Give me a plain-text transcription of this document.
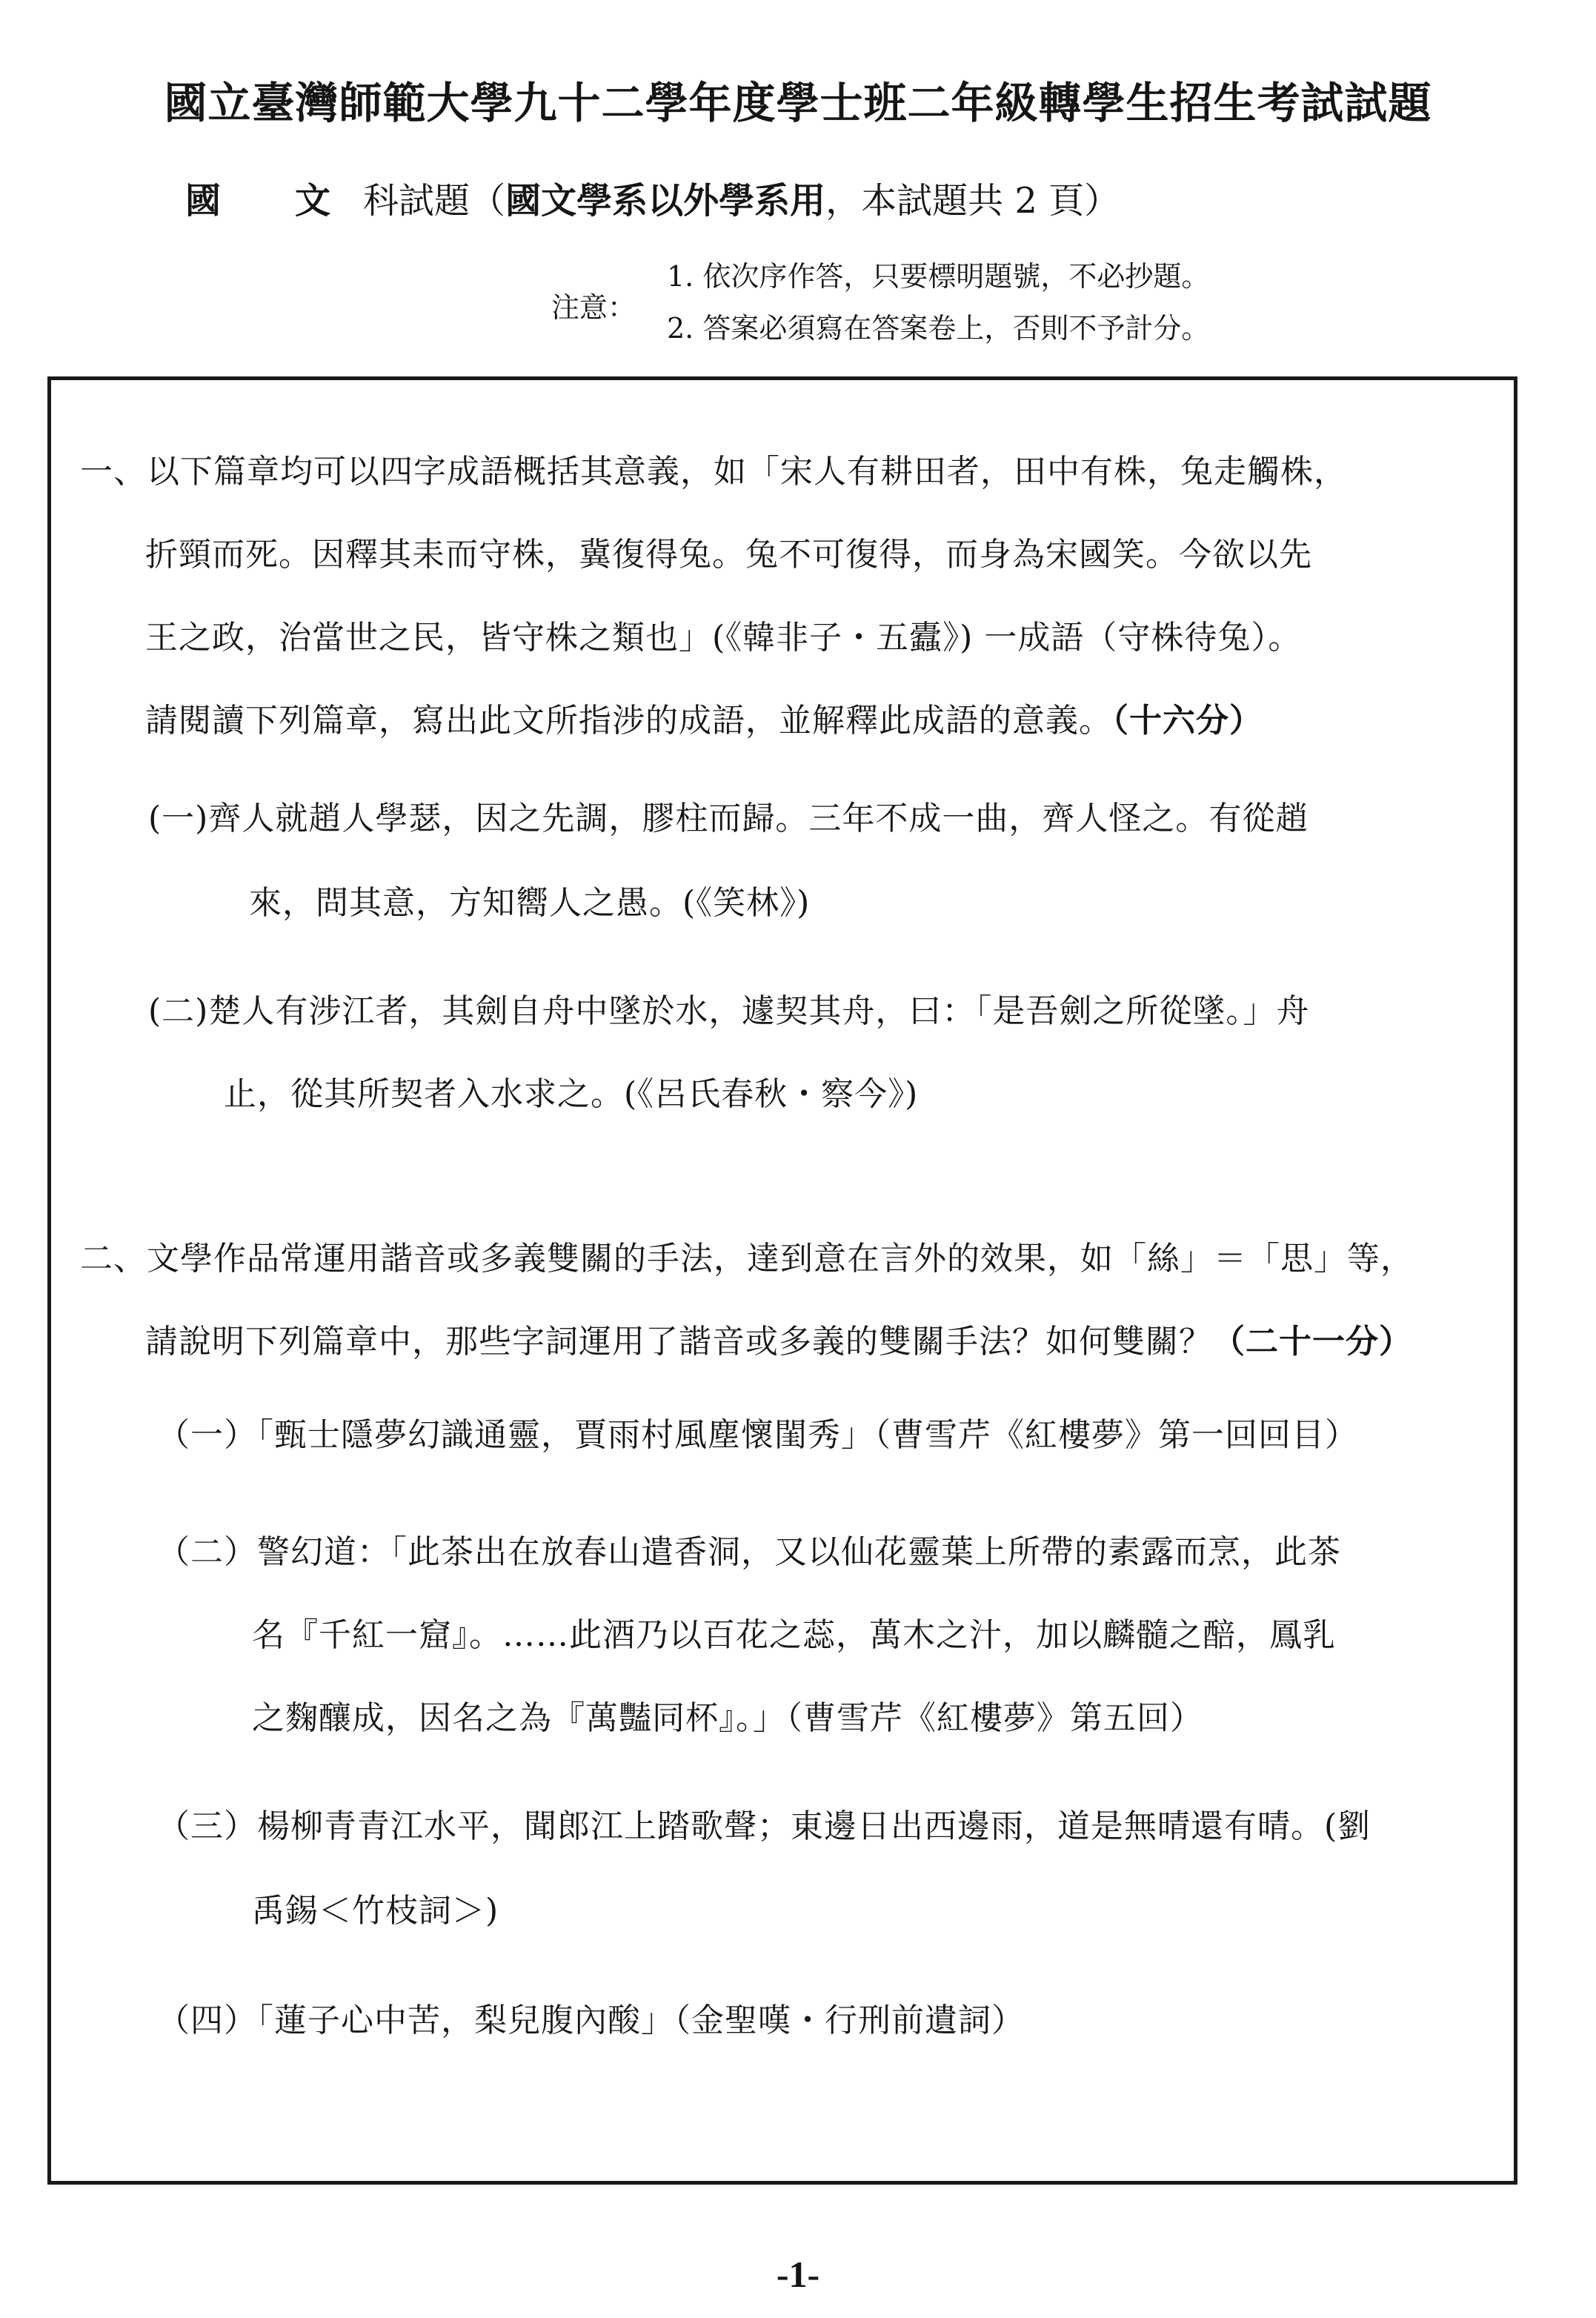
國立臺灣師範大學九十二學年度學士班二年級轉學生招生考試試題
國 文 科試題（國文學系以外學系用，本試題共 2 頁）
注意：
1. 依次序作答，只要標明題號，不必抄題。
2. 答案必須寫在答案卷上，否則不予計分。
一、以下篇章均可以四字成語概括其意義，如「宋人有耕田者，田中有株，兔走觸株，
折頸而死。因釋其耒而守株，冀復得兔。兔不可復得，而身為宋國笑。今欲以先
王之政，治當世之民，皆守株之類也」(《韓非子・五蠹》) 一成語（守株待兔）。
請閱讀下列篇章，寫出此文所指涉的成語，並解釋此成語的意義。（十六分）
(一)齊人就趙人學瑟，因之先調，膠柱而歸。三年不成一曲，齊人怪之。有從趙
來，問其意，方知嚮人之愚。(《笑林》)
(二)楚人有涉江者，其劍自舟中墜於水，遽契其舟，曰：「是吾劍之所從墜。」舟
止，從其所契者入水求之。(《呂氏春秋・察今》)
二、文學作品常運用諧音或多義雙關的手法，達到意在言外的效果，如「絲」＝「思」等，
請說明下列篇章中，那些字詞運用了諧音或多義的雙關手法？如何雙關？（二十一分）
（一）「甄士隱夢幻識通靈，賈雨村風塵懷閨秀」（曹雪芹《紅樓夢》第一回回目）
（二）警幻道：「此茶出在放春山遣香洞，又以仙花靈葉上所帶的素露而烹，此茶
名『千紅一窟』。……此酒乃以百花之蕊，萬木之汁，加以麟髓之醅，鳳乳
之麴釀成，因名之為『萬豔同杯』。」（曹雪芹《紅樓夢》第五回）
（三）楊柳青青江水平，聞郎江上踏歌聲；東邊日出西邊雨，道是無晴還有晴。(劉
禹錫＜竹枝詞＞)
（四）「蓮子心中苦，梨兒腹內酸」（金聖嘆・行刑前遺詞）
-1-
